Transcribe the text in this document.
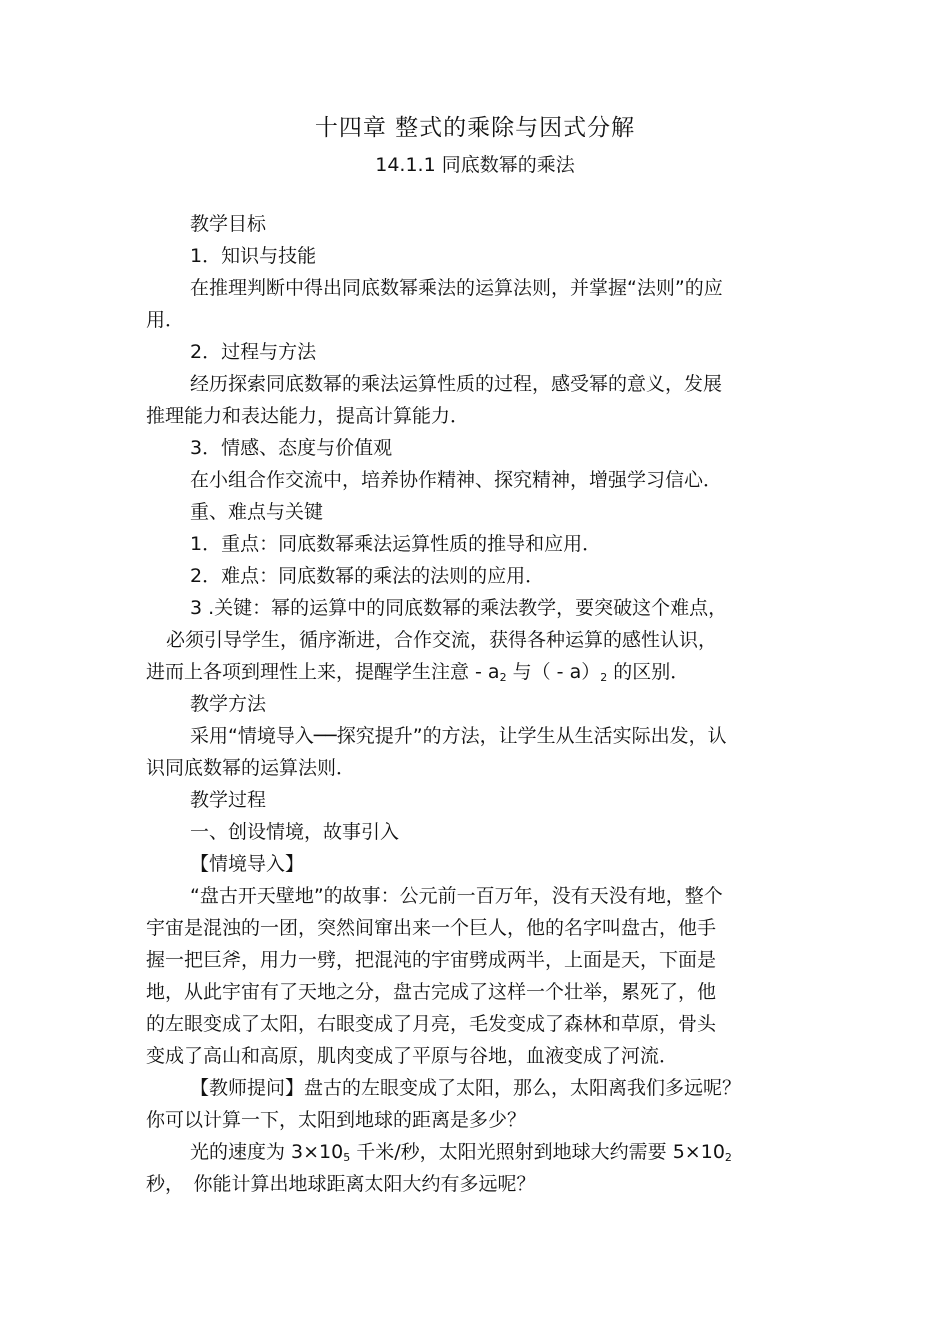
十四章 整式的乘除与因式分解
14.1.1 同底数幂的乘法
教学目标
1．知识与技能
在推理判断中得出同底数幂乘法的运算法则，并掌握“法则”的应
用．
2．过程与方法
经历探索同底数幂的乘法运算性质的过程，感受幂的意义，发展
推理能力和表达能力，提高计算能力．
3．情感、态度与价值观
在小组合作交流中，培养协作精神、探究精神，增强学习信心．
重、难点与关键
1．重点：同底数幂乘法运算性质的推导和应用．
2．难点：同底数幂的乘法的法则的应用．
3 .关键：幂的运算中的同底数幂的乘法教学，要突破这个难点，
必须引导学生，循序渐进，合作交流，获得各种运算的感性认识，
进而上各项到理性上来，提醒学生注意 - $a_2$ 与（ - $a)_2$ 的区别．
教学方法
采用“情境导入──探究提升”的方法，让学生从生活实际出发，认
识同底数幂的运算法则．
教学过程
一、创设情境，故事引入
【情境导入】
“盘古开天壁地”的故事：公元前一百万年，没有天没有地，整个
宇宙是混浊的一团，突然间窜出来一个巨人，他的名字叫盘古，他手
握一把巨斧，用力一劈，把混沌的宇宙劈成两半，上面是天，下面是
地，从此宇宙有了天地之分，盘古完成了这样一个壮举，累死了，他
的左眼变成了太阳，右眼变成了月亮，毛发变成了森林和草原，骨头
变成了高山和高原，肌肉变成了平原与谷地，血液变成了河流．
【教师提问】盘古的左眼变成了太阳，那么，太阳离我们多远呢？
你可以计算一下，太阳到地球的距离是多少？
光的速度为 $3\times 10_5$ 千米/秒，太阳光照射到地球大约需要 $5\times 10_2$
秒，　你能计算出地球距离太阳大约有多远呢？
